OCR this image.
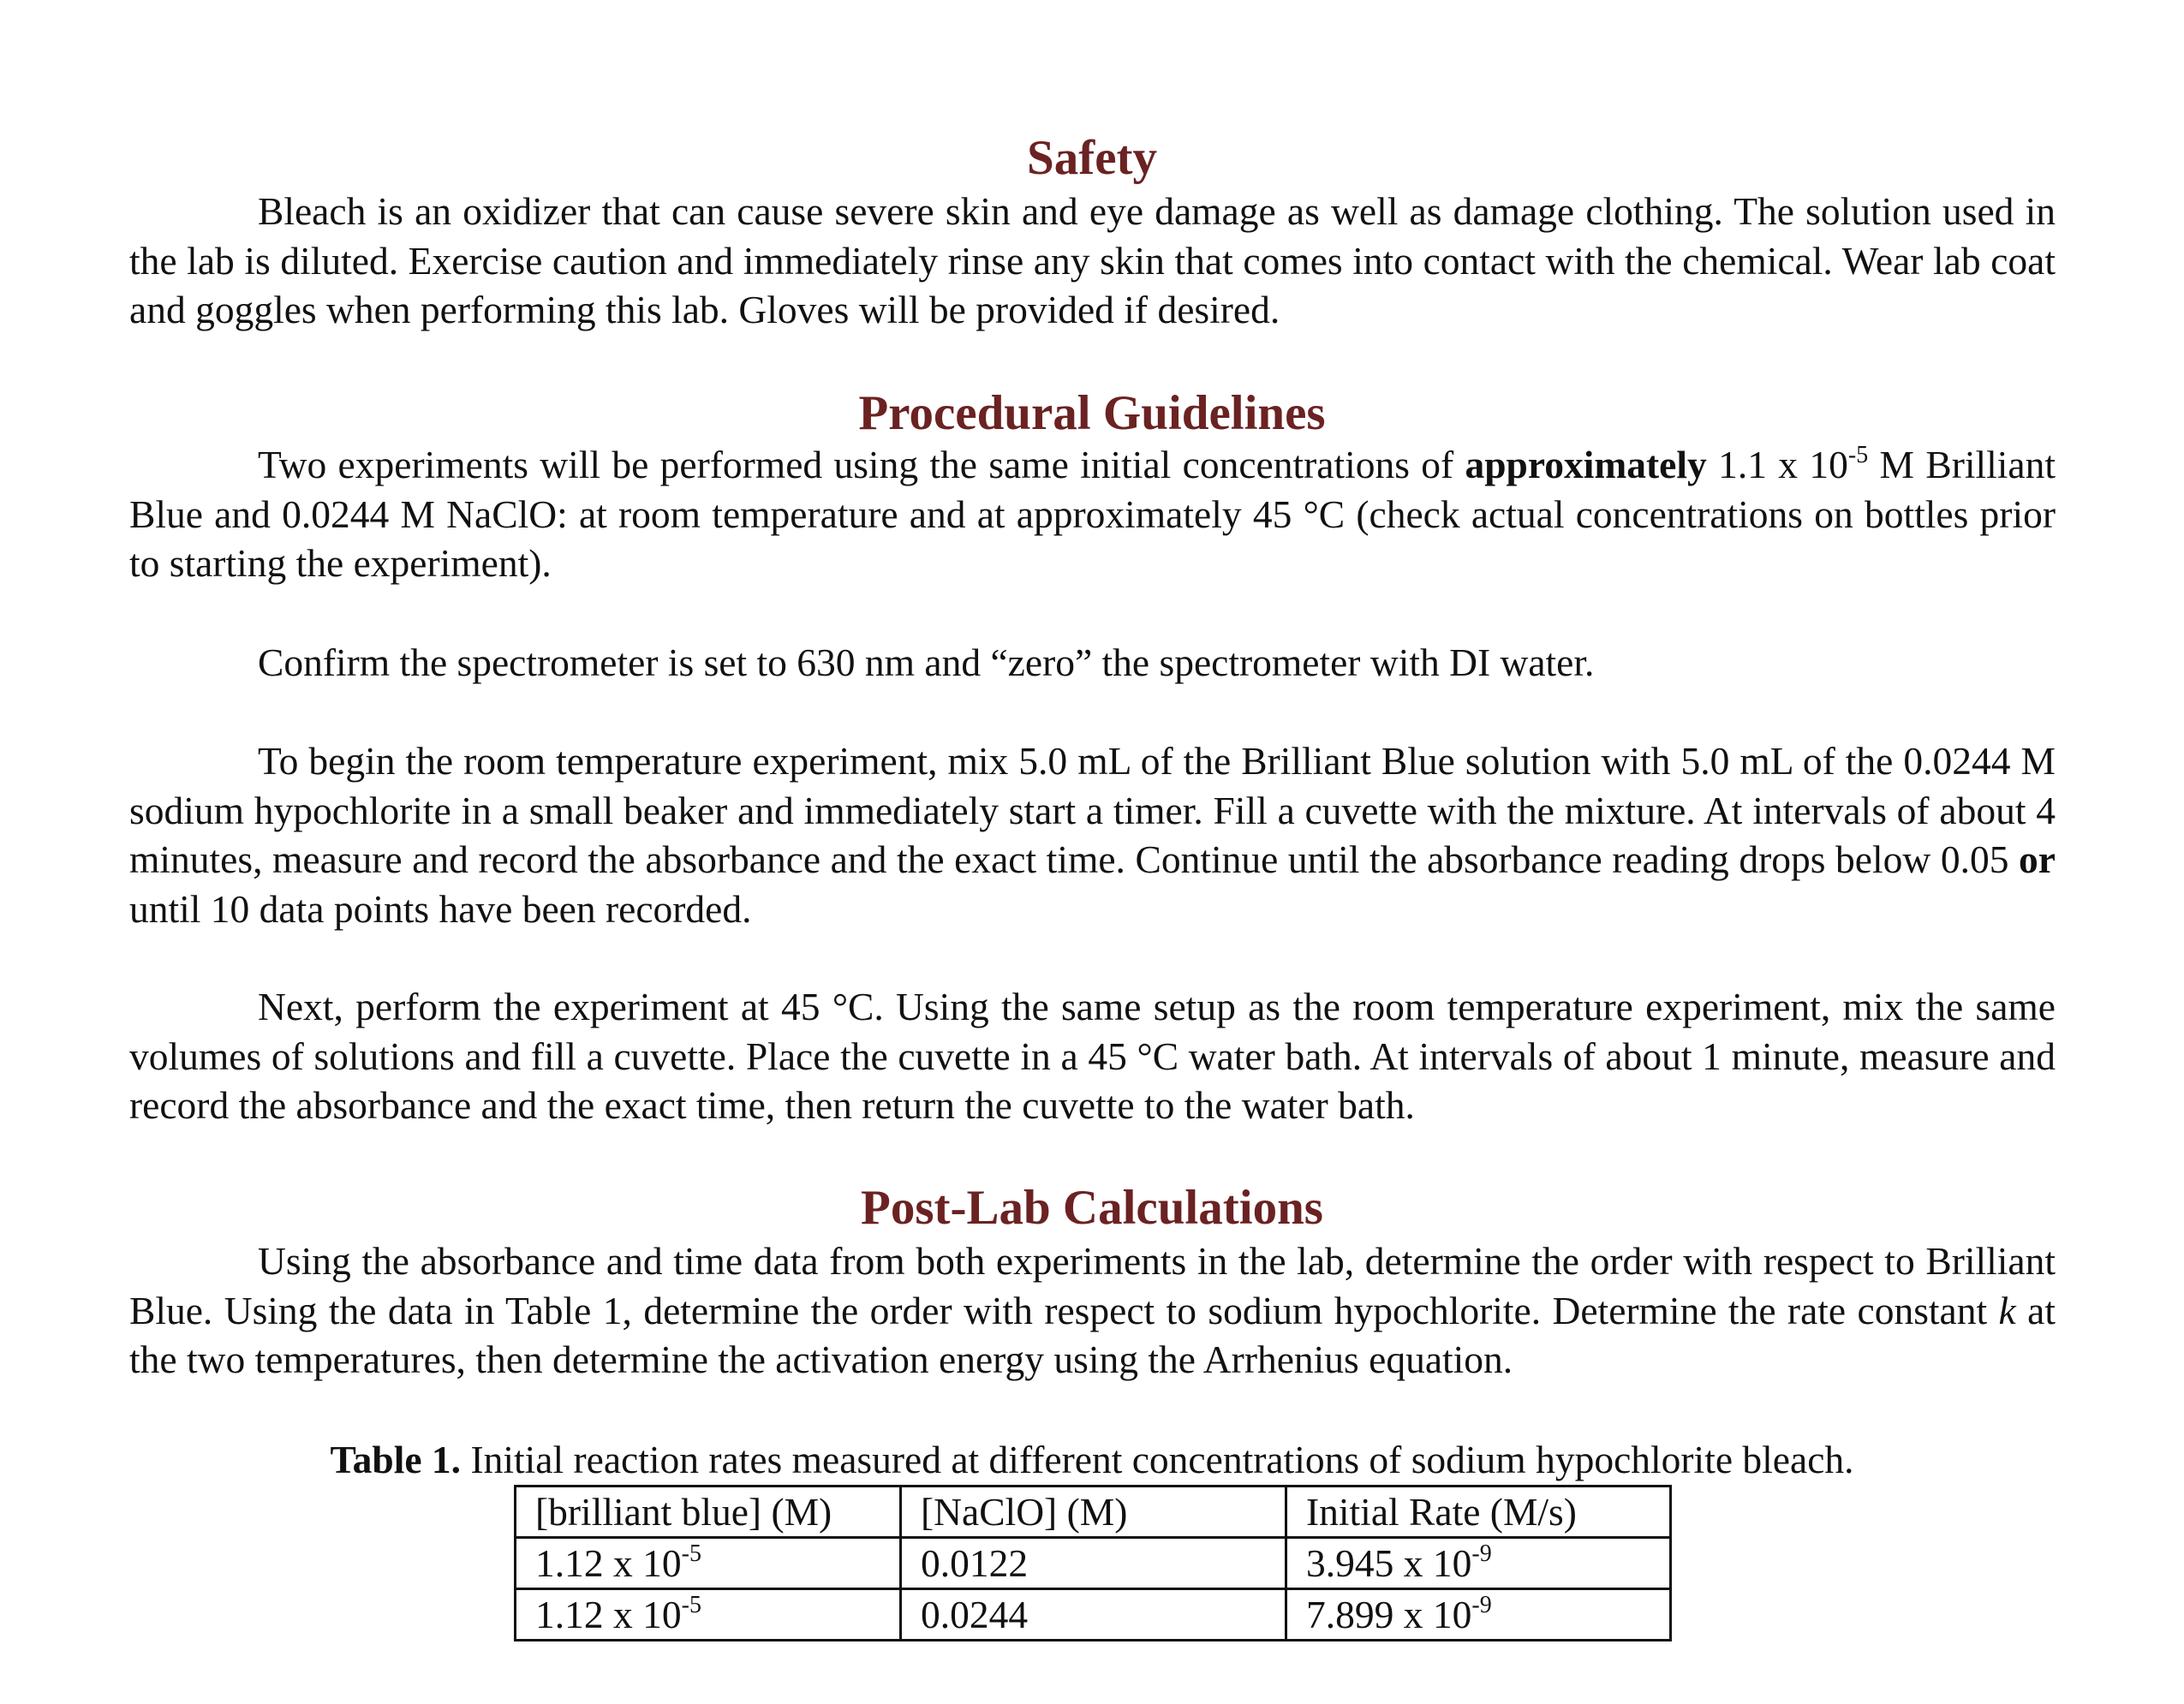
Safety
Bleach is an oxidizer that can cause severe skin and eye damage as well as damage clothing. The solution used in the lab is diluted. Exercise caution and immediately rinse any skin that comes into contact with the chemical. Wear lab coat and goggles when performing this lab. Gloves will be provided if desired.
Procedural Guidelines
Two experiments will be performed using the same initial concentrations of approximately 1.1 x $10^{-5}$ M Brilliant Blue and 0.0244 M NaClO: at room temperature and at approximately 45 °C (check actual concentrations on bottles prior to starting the experiment).
Confirm the spectrometer is set to 630 nm and “zero” the spectrometer with DI water.
To begin the room temperature experiment, mix 5.0 mL of the Brilliant Blue solution with 5.0 mL of the 0.0244 M sodium hypochlorite in a small beaker and immediately start a timer. Fill a cuvette with the mixture. At intervals of about 4 minutes, measure and record the absorbance and the exact time. Continue until the absorbance reading drops below 0.05 or until 10 data points have been recorded.
Next, perform the experiment at 45 °C. Using the same setup as the room temperature experiment, mix the same volumes of solutions and fill a cuvette. Place the cuvette in a 45 °C water bath. At intervals of about 1 minute, measure and record the absorbance and the exact time, then return the cuvette to the water bath.
Post-Lab Calculations
Using the absorbance and time data from both experiments in the lab, determine the order with respect to Brilliant Blue. Using the data in Table 1, determine the order with respect to sodium hypochlorite. Determine the rate constant k at the two temperatures, then determine the activation energy using the Arrhenius equation.
Table 1. Initial reaction rates measured at different concentrations of sodium hypochlorite bleach.
[brilliant blue] (M)	[NaClO] (M)	Initial Rate (M/s)
1.12 x $10^{-5}$	0.0122	3.945 x $10^{-9}$
1.12 x $10^{-5}$	0.0244	7.899 x $10^{-9}$
